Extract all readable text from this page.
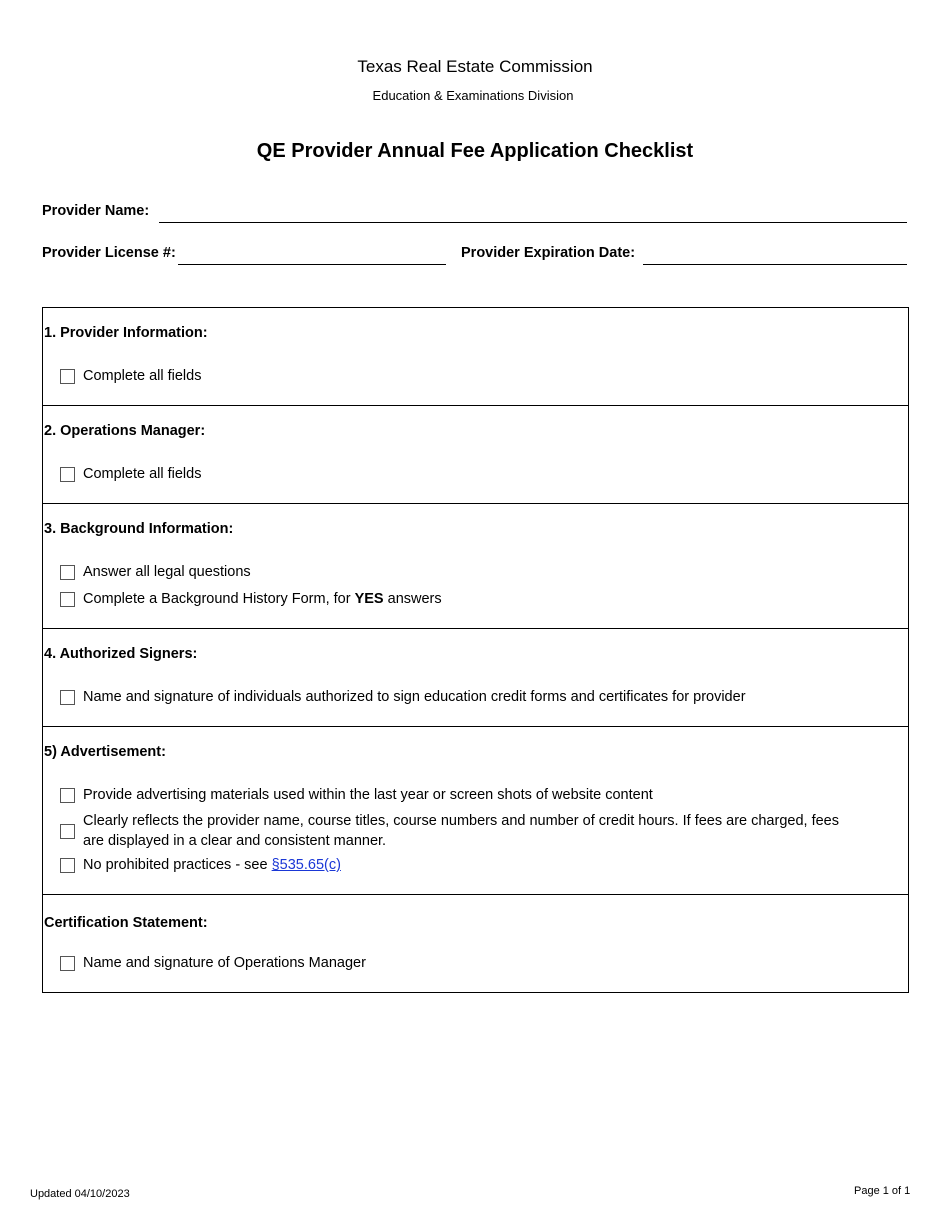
Texas Real Estate Commission
Education & Examinations Division
QE Provider Annual Fee Application Checklist
Provider Name:
Provider License #:	Provider Expiration Date:
1. Provider Information:
Complete all fields
2. Operations Manager:
Complete all fields
3. Background Information:
Answer all legal questions
Complete a Background History Form, for YES answers
4. Authorized Signers:
Name and signature of individuals authorized to sign education credit forms and certificates for provider
5) Advertisement:
Provide advertising materials used within the last year or screen shots of website content
Clearly reflects the provider name, course titles, course numbers and number of credit hours. If fees are charged, fees are displayed in a clear and consistent manner.
No prohibited practices - see §535.65(c)
Certification Statement:
Name and signature of Operations Manager
Updated 04/10/2023	Page 1 of 1
